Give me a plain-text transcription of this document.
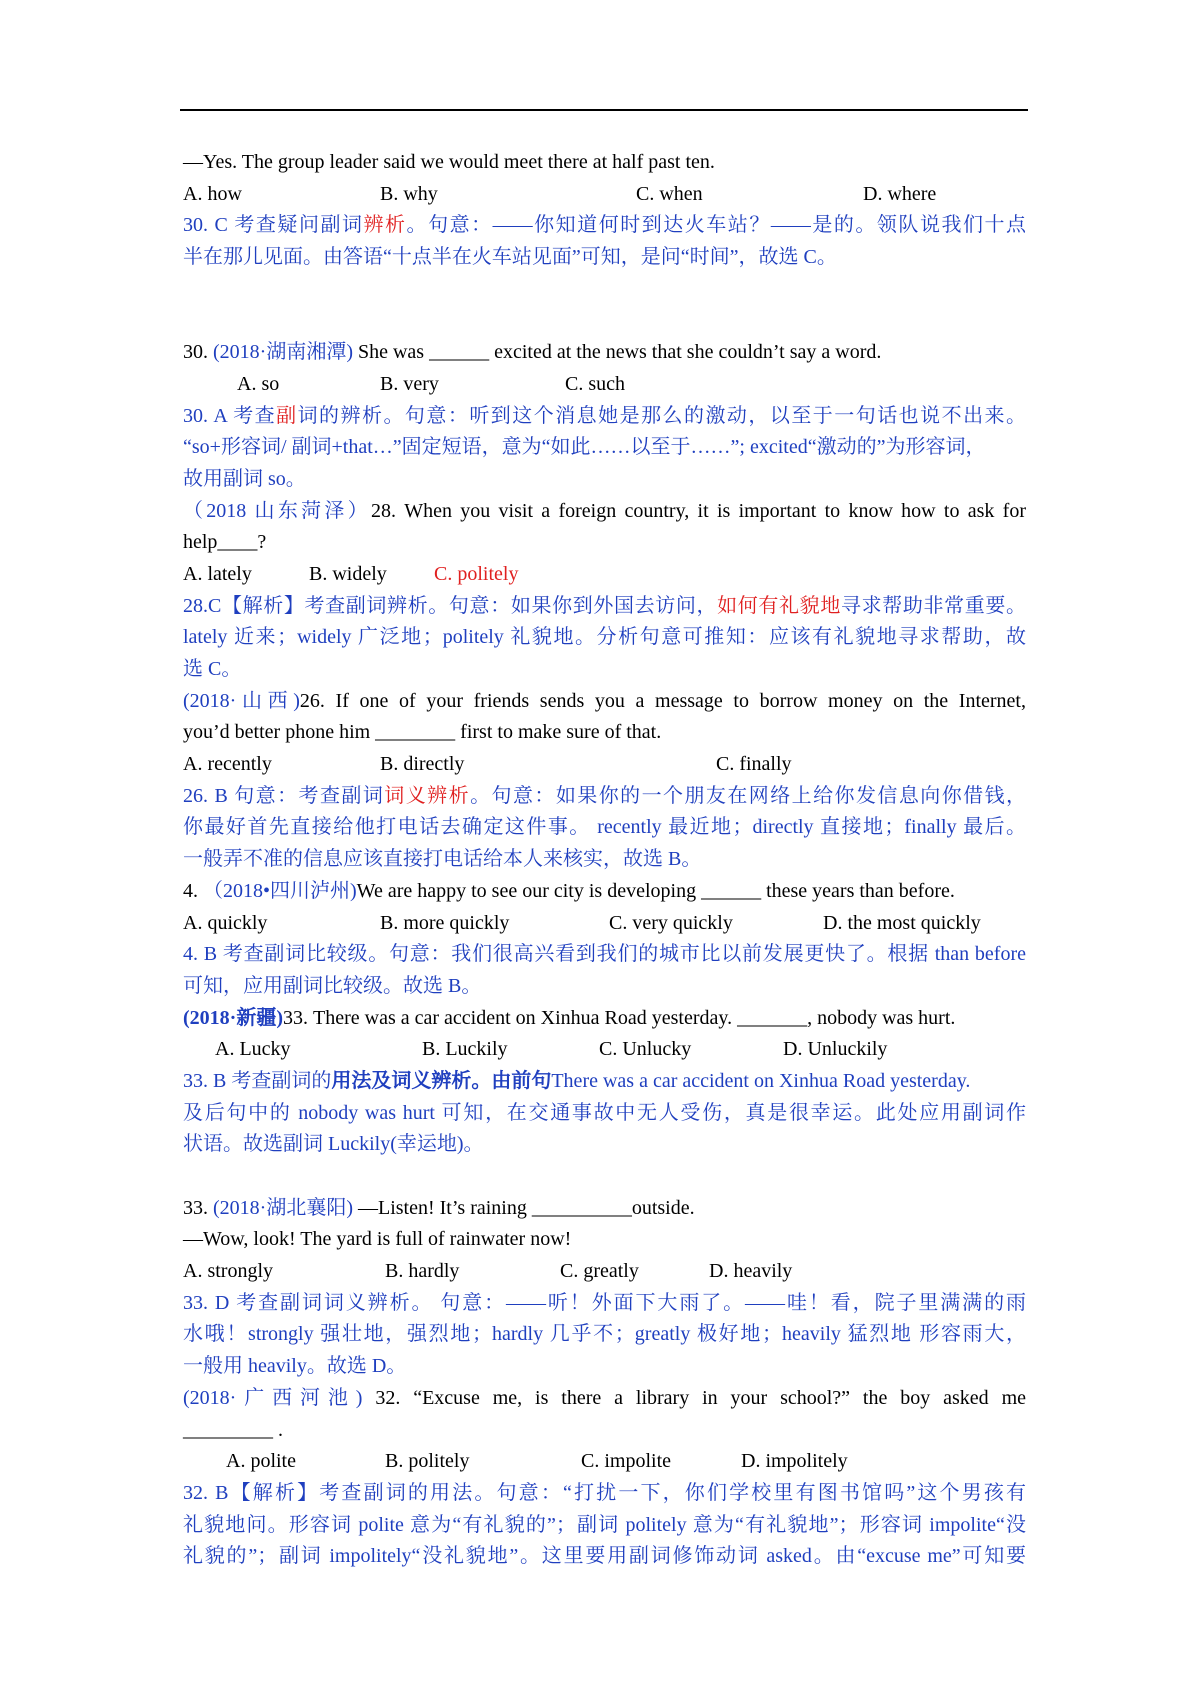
—Yes. The group leader said we would meet there at half past ten.
A. how	B. why	C. when	D. where
30. C 考查疑问副词辨析。句意：——你知道何时到达火车站？——是的。领队说我们十点
半在那儿见面。由答语“十点半在火车站见面”可知，是问“时间”，故选 C。
30. (2018·湖南湘潭) She was ______ excited at the news that she couldn’t say a word.
A. so	B. very	C. such
30. A 考查副词的辨析。句意：听到这个消息她是那么的激动，以至于一句话也说不出来。
“so+形容词/ 副词+that…”固定短语，意为“如此……以至于……”; excited“激动的”为形容词，
故用副词 so。
（2018 山东菏泽）28. When you visit a foreign country, it is important to know how to ask for
help____?
A. lately	B. widely C. politely
28.C【解析】考查副词辨析。句意：如果你到外国去访问，如何有礼貌地寻求帮助非常重要。
lately 近来；widely 广泛地；politely 礼貌地。分析句意可推知：应该有礼貌地寻求帮助，故
选 C。
(2018·山西)26. If one of your friends sends you a message to borrow money on the Internet,
you’d better phone him ________ first to make sure of that.
A. recently	B. directly	C. finally
26. B 句意：考查副词词义辨析。句意：如果你的一个朋友在网络上给你发信息向你借钱，
你最好首先直接给他打电话去确定这件事。 recently 最近地；directly 直接地；finally 最后。
一般弄不准的信息应该直接打电话给本人来核实，故选 B。
4. （2018•四川泸州)We are happy to see our city is developing ______ these years than before.
A. quickly	B. more quickly	C. very quickly	D. the most quickly
4. B 考查副词比较级。句意：我们很高兴看到我们的城市比以前发展更快了。根据 than before
可知，应用副词比较级。故选 B。
(2018·新疆)33. There was a car accident on Xinhua Road yesterday. _______, nobody was hurt.
A. Lucky	B. Luckily	C. Unlucky	D. Unluckily
33. B 考查副词的用法及词义辨析。由前句There was a car accident on Xinhua Road yesterday.
及后句中的 nobody was hurt 可知，在交通事故中无人受伤，真是很幸运。此处应用副词作
状语。故选副词 Luckily(幸运地)。
33. (2018·湖北襄阳) —Listen! It’s raining __________outside.
—Wow, look! The yard is full of rainwater now!
A. strongly	B. hardly	C. greatly	D. heavily
33. D 考查副词词义辨析。 句意：——听！外面下大雨了。——哇！看，院子里满满的雨
水哦！strongly 强壮地，强烈地；hardly 几乎不；greatly 极好地；heavily 猛烈地 形容雨大，
一般用 heavily。故选 D。
(2018·广西河池) 32. “Excuse me, is there a library in your school?” the boy asked me
_________ .
A. polite	B. politely	C. impolite	D. impolitely
32. B【解析】考查副词的用法。句意：“打扰一下，你们学校里有图书馆吗”这个男孩有
礼貌地问。形容词 polite 意为“有礼貌的”；副词 politely 意为“有礼貌地”；形容词 impolite“没
礼貌的”；副词 impolitely“没礼貌地”。这里要用副词修饰动词 asked。由“excuse me”可知要
